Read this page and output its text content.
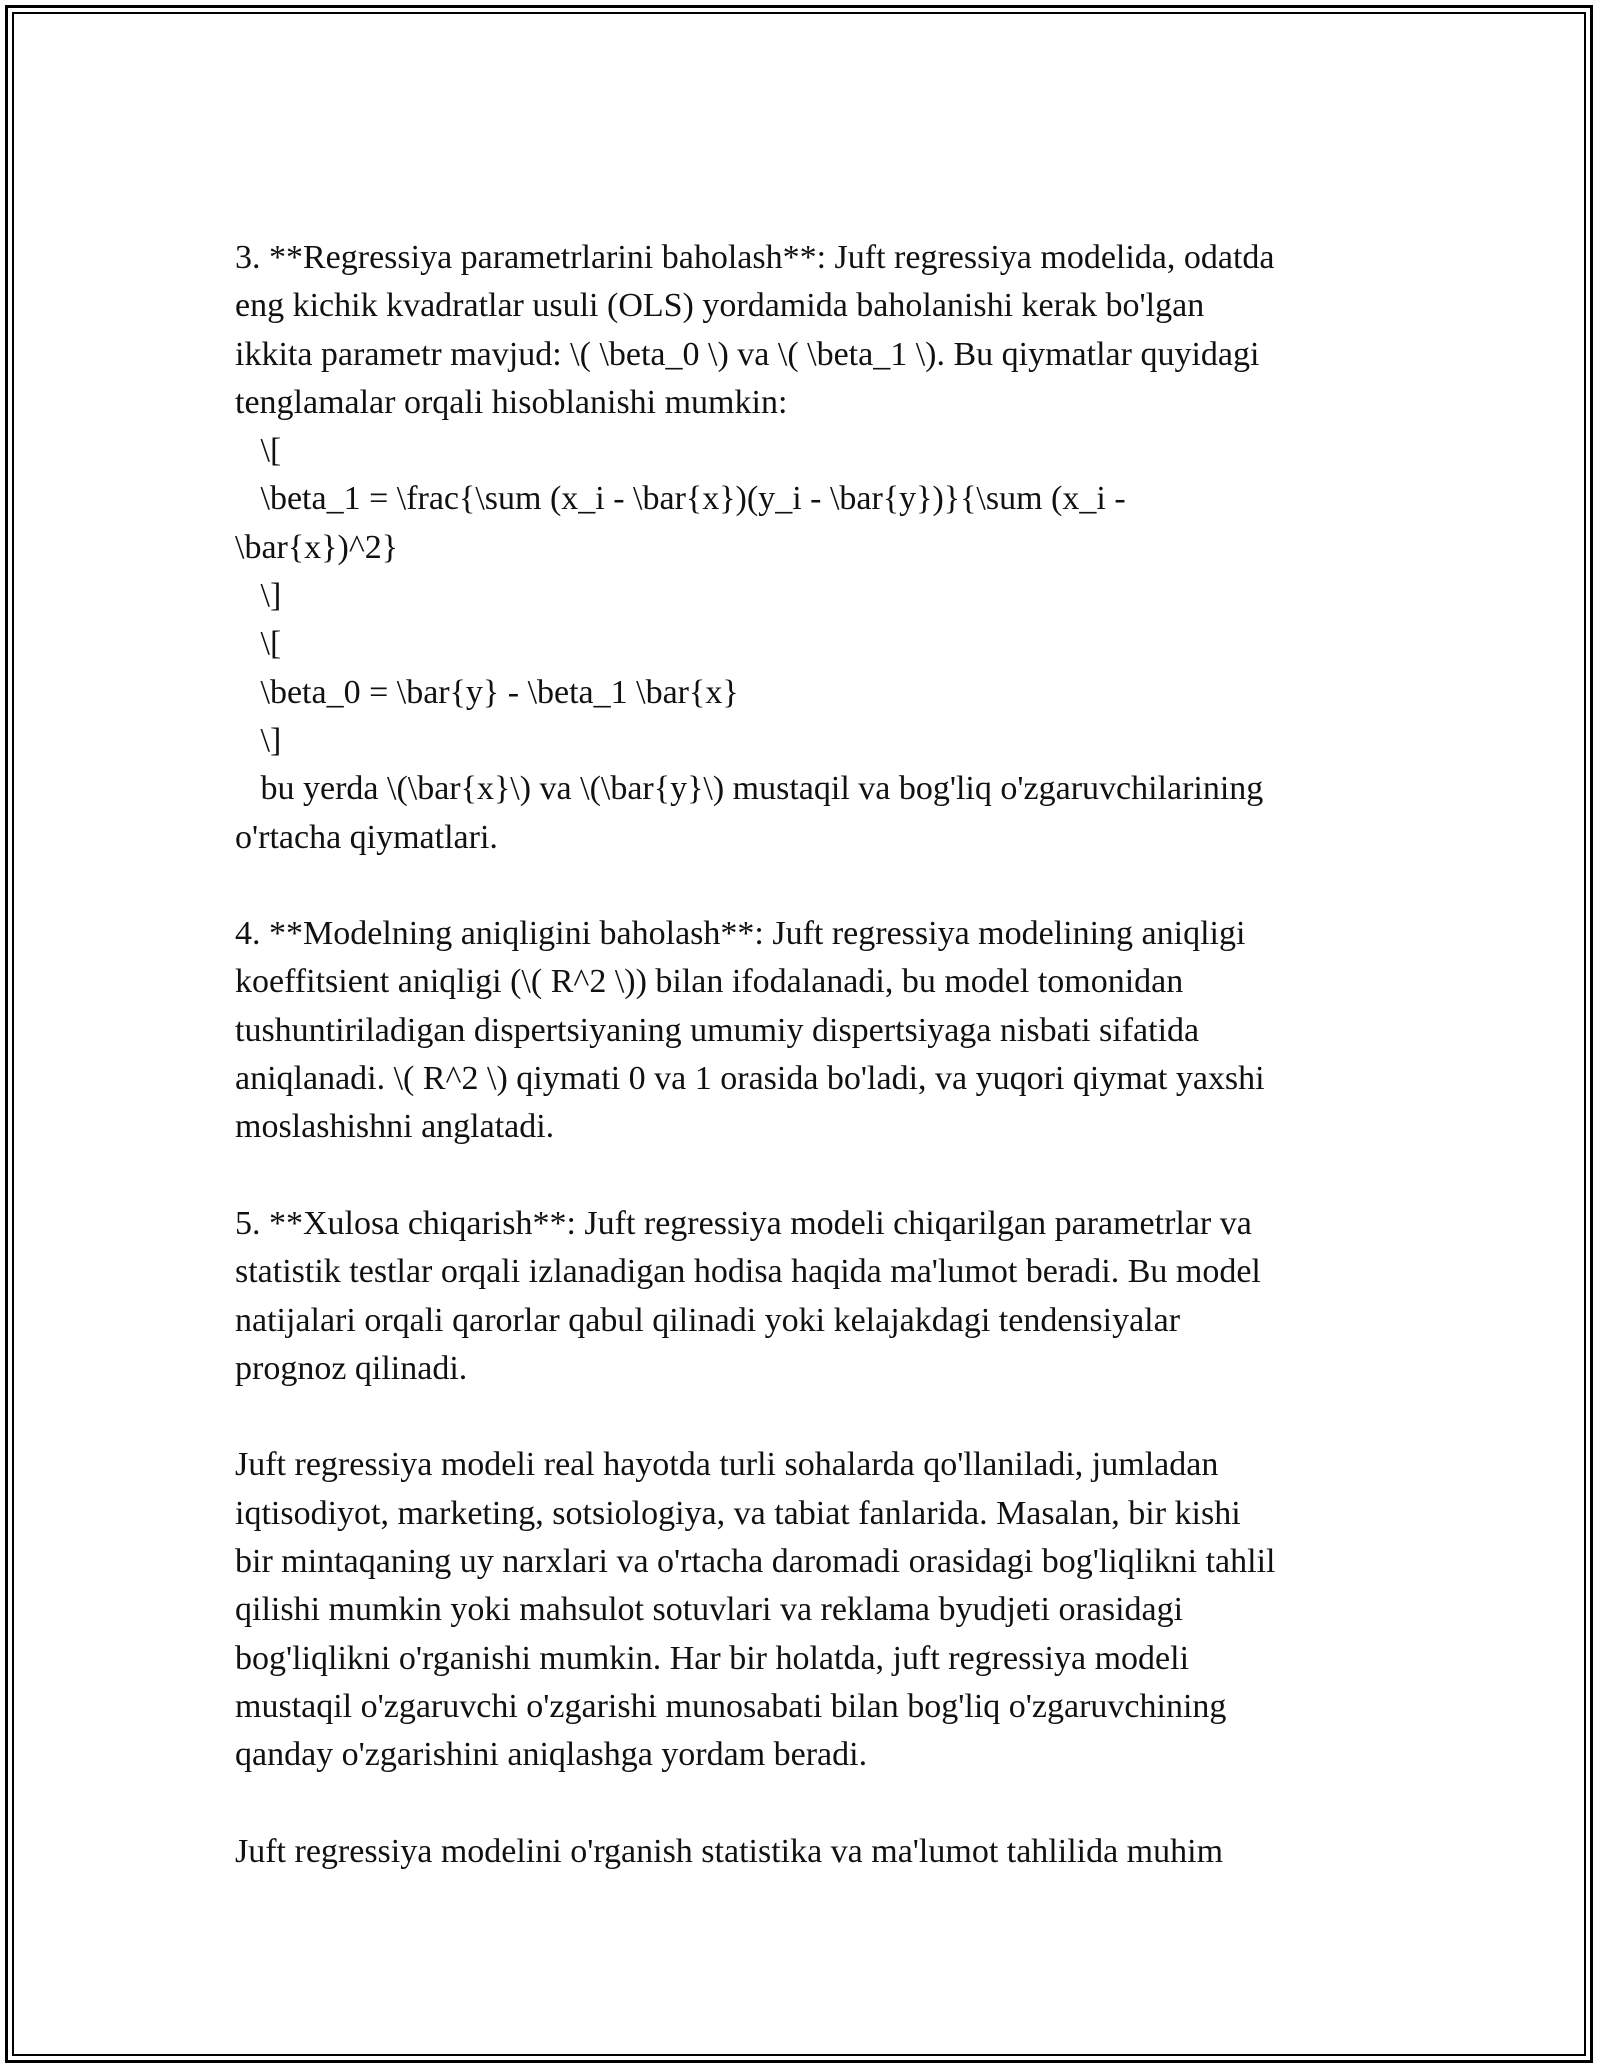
3. **Regressiya parametrlarini baholash**: Juft regressiya modelida, odatda
eng kichik kvadratlar usuli (OLS) yordamida baholanishi kerak bo'lgan
ikkita parametr mavjud: \( \beta_0 \) va \( \beta_1 \). Bu qiymatlar quyidagi
tenglamalar orqali hisoblanishi mumkin:
\[
\beta_1 = \frac{\sum (x_i - \bar{x})(y_i - \bar{y})}{\sum (x_i -
\bar{x})^2}
\]
\[
\beta_0 = \bar{y} - \beta_1 \bar{x}
\]
bu yerda \(\bar{x}\) va \(\bar{y}\) mustaqil va bog'liq o'zgaruvchilarining
o'rtacha qiymatlari.
4. **Modelning aniqligini baholash**: Juft regressiya modelining aniqligi
koeffitsient aniqligi (\( R^2 \)) bilan ifodalanadi, bu model tomonidan
tushuntiriladigan dispertsiyaning umumiy dispertsiyaga nisbati sifatida
aniqlanadi. \( R^2 \) qiymati 0 va 1 orasida bo'ladi, va yuqori qiymat yaxshi
moslashishni anglatadi.
5. **Xulosa chiqarish**: Juft regressiya modeli chiqarilgan parametrlar va
statistik testlar orqali izlanadigan hodisa haqida ma'lumot beradi. Bu model
natijalari orqali qarorlar qabul qilinadi yoki kelajakdagi tendensiyalar
prognoz qilinadi.
Juft regressiya modeli real hayotda turli sohalarda qo'llaniladi, jumladan
iqtisodiyot, marketing, sotsiologiya, va tabiat fanlarida. Masalan, bir kishi
bir mintaqaning uy narxlari va o'rtacha daromadi orasidagi bog'liqlikni tahlil
qilishi mumkin yoki mahsulot sotuvlari va reklama byudjeti orasidagi
bog'liqlikni o'rganishi mumkin. Har bir holatda, juft regressiya modeli
mustaqil o'zgaruvchi o'zgarishi munosabati bilan bog'liq o'zgaruvchining
qanday o'zgarishini aniqlashga yordam beradi.
Juft regressiya modelini o'rganish statistika va ma'lumot tahlilida muhim
